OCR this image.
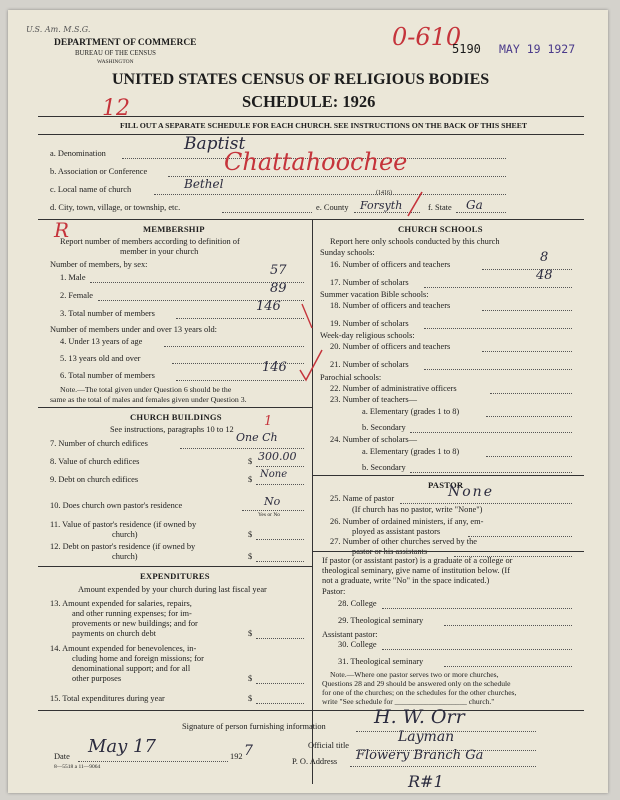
U.S. Am. M.S.G.	0-610
5190 MAY 19 1927
12
R
DEPARTMENT OF COMMERCE
BUREAU OF THE CENSUS
WASHINGTON
UNITED STATES CENSUS OF RELIGIOUS BODIES
SCHEDULE: 1926
FILL OUT A SEPARATE SCHEDULE FOR EACH CHURCH. SEE INSTRUCTIONS ON THE BACK OF THIS SHEET
a. Denomination	Baptist
b. Association or Conference	Chattahoochee
c. Local name of church	Bethel
d. City, town, village, or township, etc.	e. County Forsyth
(1416)
f. State Ga
MEMBERSHIP
Report number of members according to definition of
member in your church
Number of members, by sex:
1. Male	57
2. Female	89
3. Total number of members	146
Number of members under and over 13 years old:
4. Under 13 years of age
5. 13 years old and over
6. Total number of members
146
Note.—The total given under Question 6 should be the
same as the total of males and females given under Question 3.
CHURCH BUILDINGS
See instructions, paragraphs 10 to 12
1
7. Number of church edifices	One Ch
8. Value of church edifices	$ 300.00
9. Debt on church edifices	$ None
10. Does church own pastor's residence	No
Yes or No
11. Value of pastor's residence (if owned by
church)	$
12. Debt on pastor's residence (if owned by
church)	$
EXPENDITURES
Amount expended by your church during last fiscal year
13. Amount expended for salaries, repairs,
and other running expenses; for im-
provements or new buildings; and for
payments on church debt	$
14. Amount expended for benevolences, in-
cluding home and foreign missions; for
denominational support; and for all
other purposes	$
15. Total expenditures during year	$
CHURCH SCHOOLS
Report here only schools conducted by this church
Sunday schools:
16. Number of officers and teachers	8
17. Number of scholars	48
Summer vacation Bible schools:
18. Number of officers and teachers
19. Number of scholars
Week-day religious schools:
20. Number of officers and teachers
21. Number of scholars
Parochial schools:
22. Number of administrative officers
23. Number of teachers—
a. Elementary (grades 1 to 8)
b. Secondary
24. Number of scholars—
a. Elementary (grades 1 to 8)
b. Secondary
PASTOR
25. Name of pastor	None
(If church has no pastor, write "None")
26. Number of ordained ministers, if any, em-
ployed as assistant pastors
27. Number of other churches served by the
pastor or his assistants
If pastor (or assistant pastor) is a graduate of a college or
theological seminary, give name of institution below. (If
not a graduate, write "No" in the space indicated.)
Pastor:
28. College
29. Theological seminary
Assistant pastor:
30. College
31. Theological seminary
Note.—Where one pastor serves two or more churches,
Questions 28 and 29 should be answered only on the schedule
for one of the churches; on the schedules for the other churches,
write "See schedule for ___________________ church."
Signature of person furnishing information	H. W. Orr
Official title
Layman
Date May 17	192 7
P. O. Address Flowery Branch Ga
8—5518 a 11—9064
R#1
